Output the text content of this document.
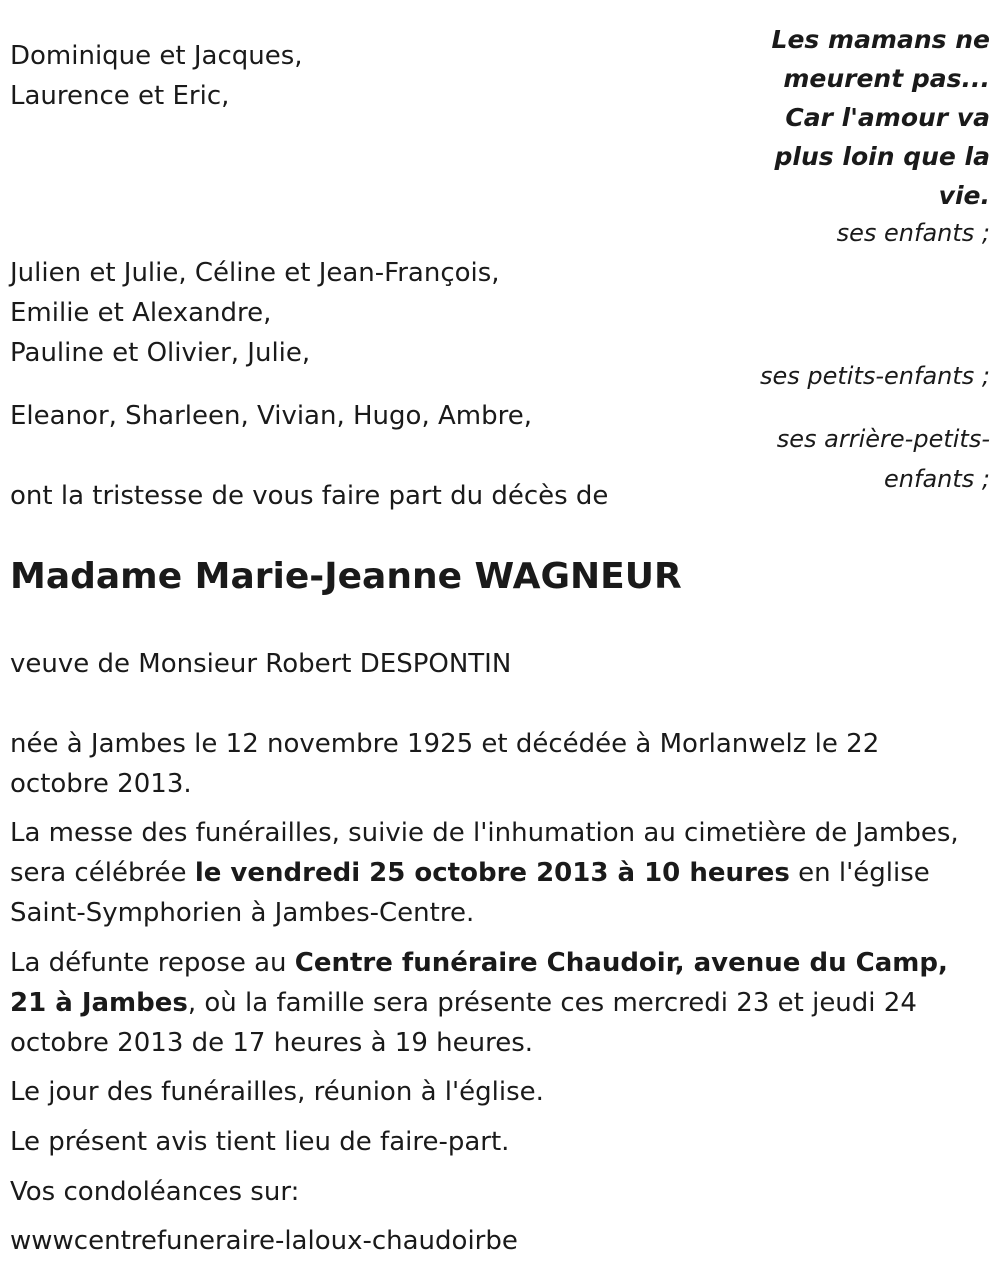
Les mamans ne
meurent pas...
Car l'amour va
plus loin que la
vie.
Dominique et Jacques,
Laurence et Eric,
ses enfants ;
Julien et Julie, Céline et Jean-François,
Emilie et Alexandre,
Pauline et Olivier, Julie,
ses petits-enfants ;
Eleanor, Sharleen, Vivian, Hugo, Ambre,
ses arrière-petits-
enfants ;
ont la tristesse de vous faire part du décès de
Madame Marie-Jeanne WAGNEUR
veuve de Monsieur Robert DESPONTIN

née à Jambes le 12 novembre 1925 et décédée à Morlanwelz le 22 octobre 2013.

La messe des funérailles, suivie de l'inhumation au cimetière de Jambes, sera célébrée le vendredi 25 octobre 2013 à 10 heures en l'église Saint-Symphorien à Jambes-Centre.

La défunte repose au Centre funéraire Chaudoir, avenue du Camp, 21 à Jambes, où la famille sera présente ces mercredi 23 et jeudi 24 octobre 2013 de 17 heures à 19 heures.

Le jour des funérailles, réunion à l'église.
Le présent avis tient lieu de faire-part.
Vos condoléances sur:
wwwcentrefuneraire-laloux-chaudoirbe
